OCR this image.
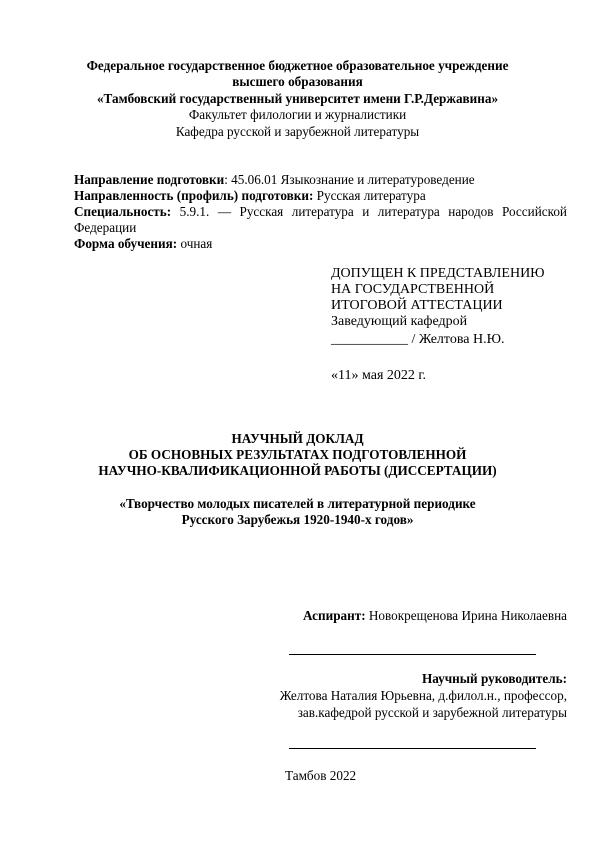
Федеральное государственное бюджетное образовательное учреждение
высшего образования
«Тамбовский государственный университет имени Г.Р.Державина»
Факультет филологии и журналистики
Кафедра русской и зарубежной литературы
Направление подготовки: 45.06.01 Языкознание и литературоведение
Направленность (профиль) подготовки: Русская литература
Специальность: 5.9.1. — Русская литература и литература народов Российской
Федерации
Форма обучения: очная
ДОПУЩЕН К ПРЕДСТАВЛЕНИЮ
НА ГОСУДАРСТВЕННОЙ
ИТОГОВОЙ АТТЕСТАЦИИ
Заведующий кафедрой
___________ / Желтова Н.Ю.
«11» мая 2022 г.
НАУЧНЫЙ ДОКЛАД
ОБ ОСНОВНЫХ РЕЗУЛЬТАТАХ ПОДГОТОВЛЕННОЙ
НАУЧНО-КВАЛИФИКАЦИОННОЙ РАБОТЫ (ДИССЕРТАЦИИ)
«Творчество молодых писателей в литературной периодике
Русского Зарубежья 1920-1940-х годов»
Аспирант: Новокрещенова Ирина Николаевна
Научный руководитель:
Желтова Наталия Юрьевна, д.филол.н., профессор,
зав.кафедрой русской и зарубежной литературы
Тамбов 2022
